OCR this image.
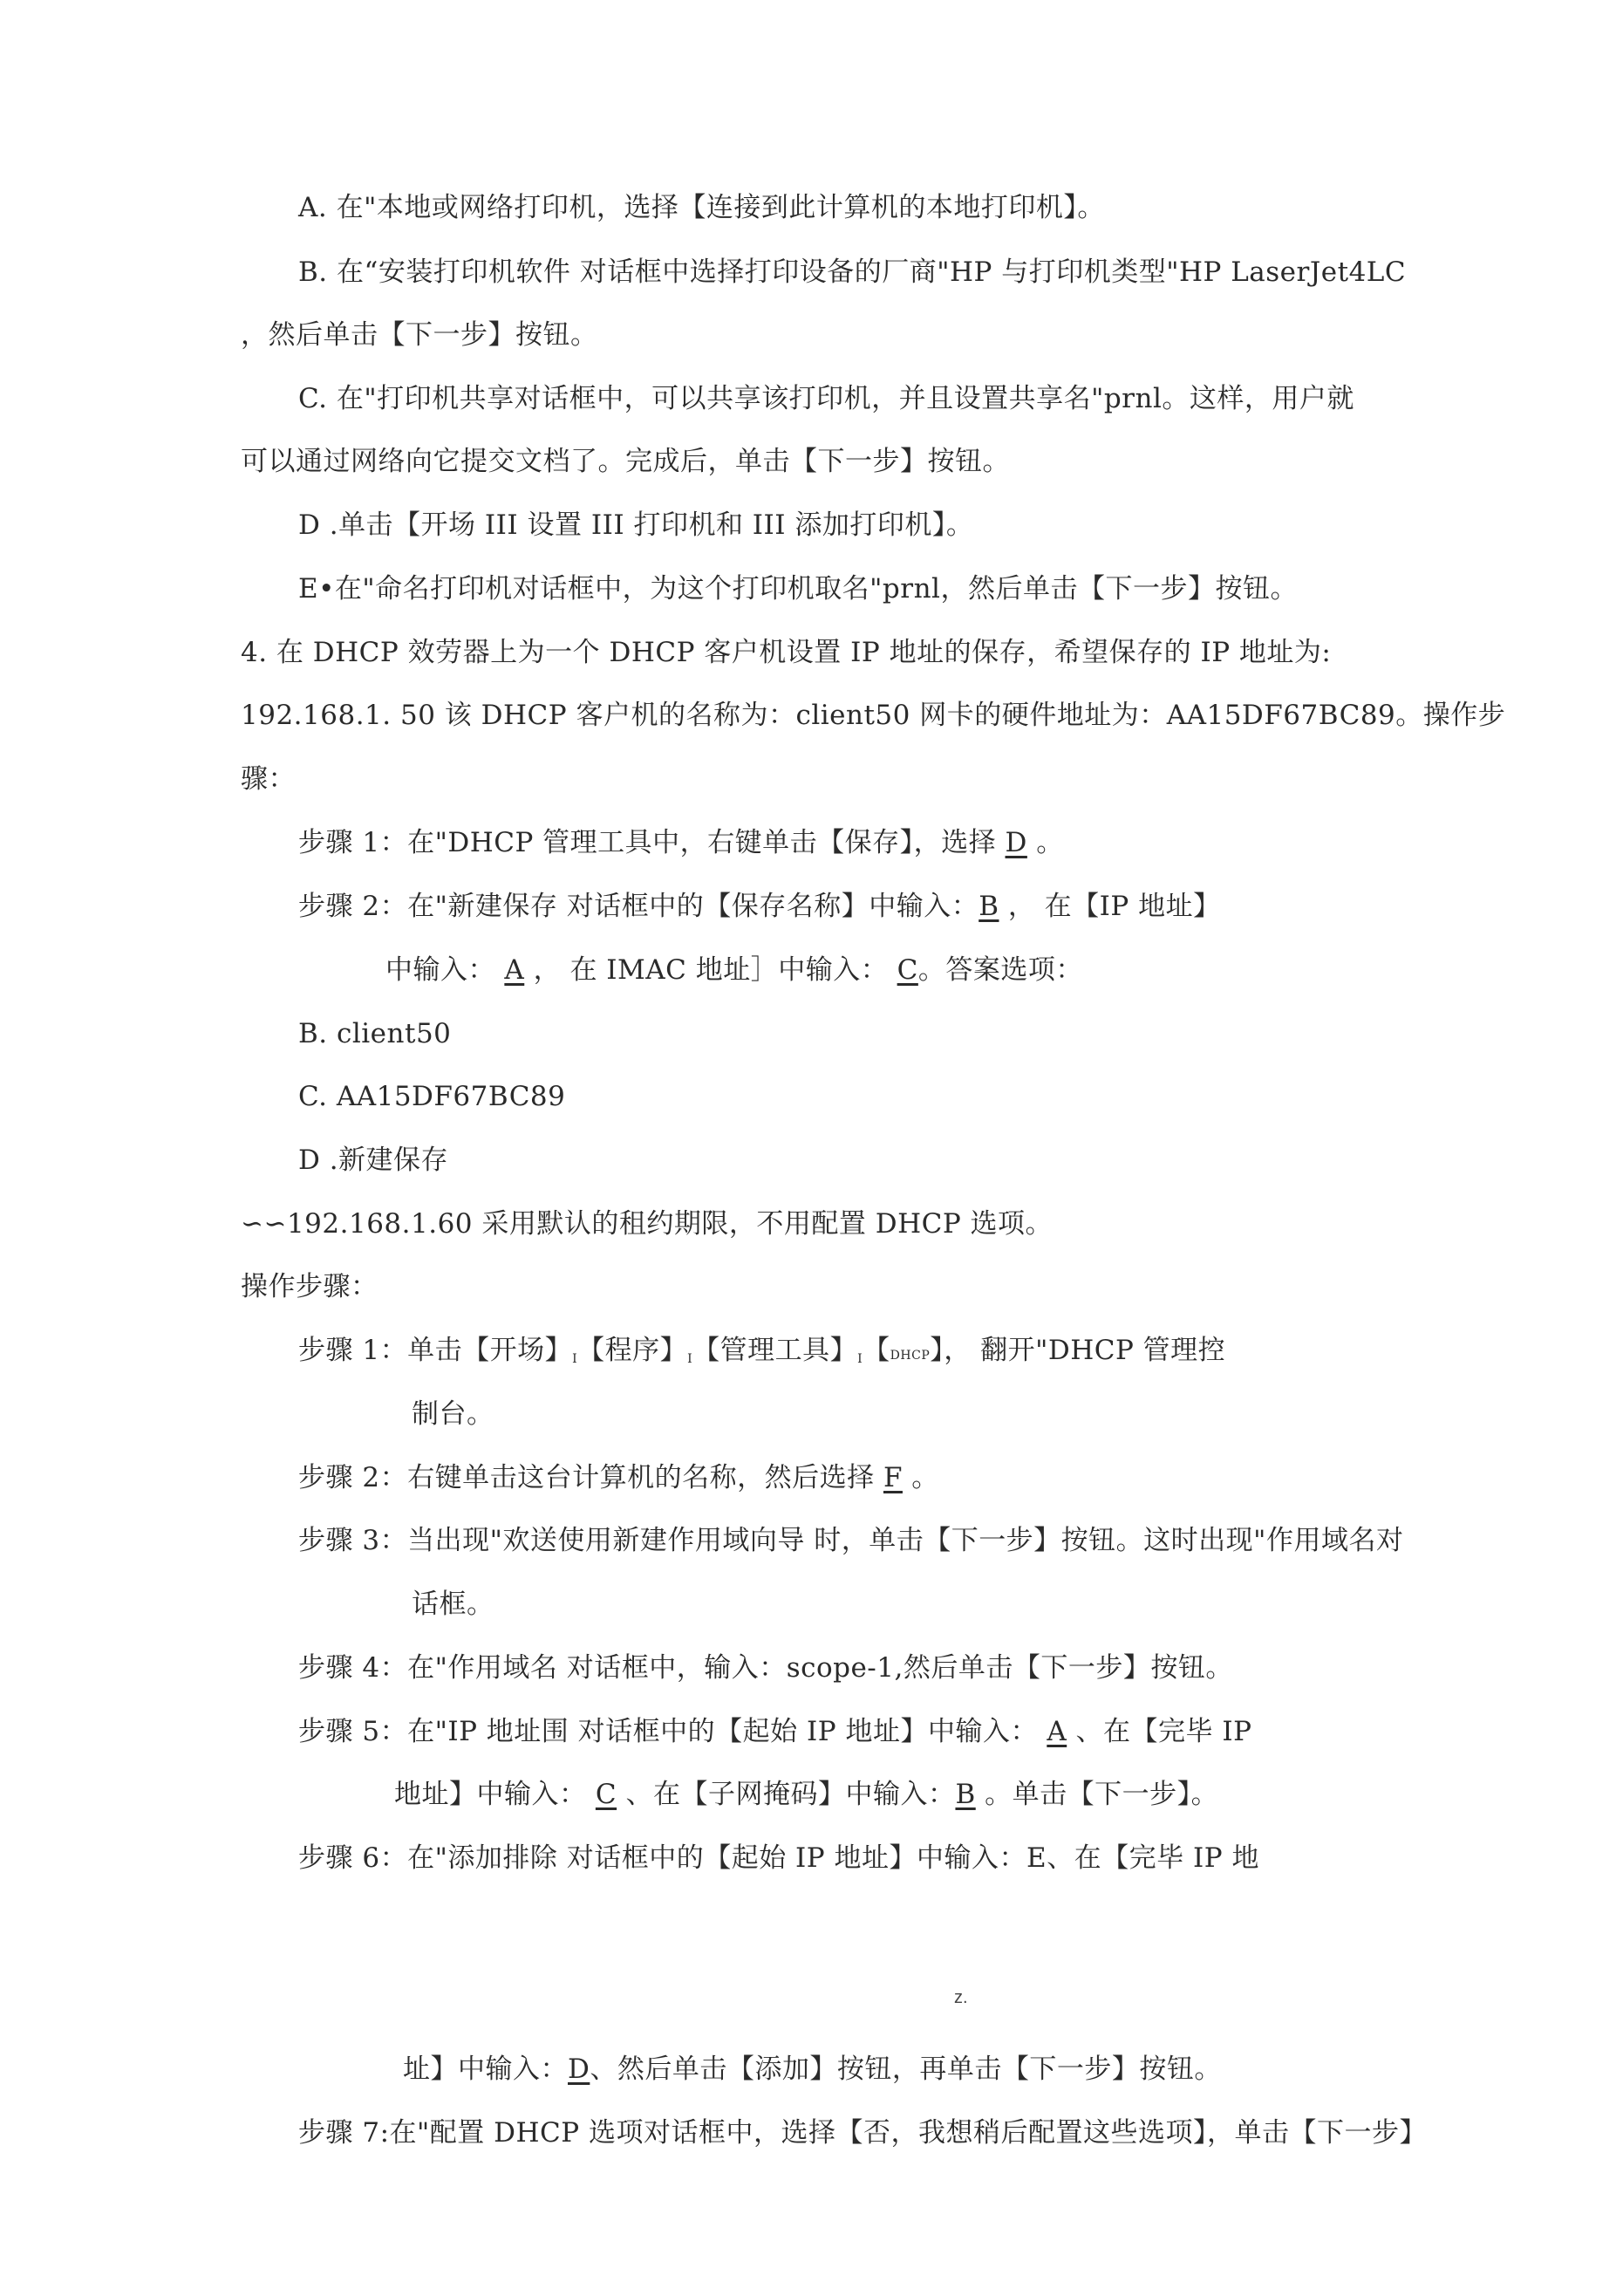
A. 在"本地或网络打印机，选择【连接到此计算机的本地打印机】。
B. 在“安装打印机软件 对话框中选择打印设备的厂商"HP 与打印机类型"HP LaserJet4LC
，然后单击【下一步】按钮。
C. 在"打印机共享对话框中，可以共享该打印机，并且设置共享名"prnl。这样，用户就
可以通过网络向它提交文档了。完成后，单击【下一步】按钮。
D .单击【开场 III 设置 III 打印机和 III 添加打印机】。
E•在"命名打印机对话框中，为这个打印机取名"prnl，然后单击【下一步】按钮。
4. 在 DHCP 效劳器上为一个 DHCP 客户机设置 IP 地址的保存，希望保存的 IP 地址为:
192.168.1. 50 该 DHCP 客户机的名称为：client50 网卡的硬件地址为：AA15DF67BC89。操作步
骤：
步骤 1：在"DHCP 管理工具中，右键单击【保存】，选择 D 。
步骤 2：在"新建保存 对话框中的【保存名称】中输入：B ， 在【IP 地址】
中输入： A ， 在 IMAC 地址］中输入： C。答案选项：
B. client50
C. AA15DF67BC89
D .新建保存
∽∽192.168.1.60 采用默认的租约期限，不用配置 DHCP 选项。
操作步骤：
步骤 1：单击【开场】$_I$【程序】$_I$【管理工具】$_I$【DHCP】， 翻开"DHCP 管理控
制台。
步骤 2：右键单击这台计算机的名称，然后选择 F 。
步骤 3：当出现"欢送使用新建作用域向导 时，单击【下一步】按钮。这时出现"作用域名对
话框。
步骤 4：在"作用域名 对话框中，输入：scope-1,然后单击【下一步】按钮。
步骤 5：在"IP 地址围 对话框中的【起始 IP 地址】中输入： A 、在【完毕 IP
地址】中输入： C 、在【子网掩码】中输入：B 。单击【下一步】。
步骤 6：在"添加排除 对话框中的【起始 IP 地址】中输入：E、在【完毕 IP 地
z.
址】中输入：D、然后单击【添加】按钮，再单击【下一步】按钮。
步骤 7:在"配置 DHCP 选项对话框中，选择【否，我想稍后配置这些选项】，单击【下一步】
